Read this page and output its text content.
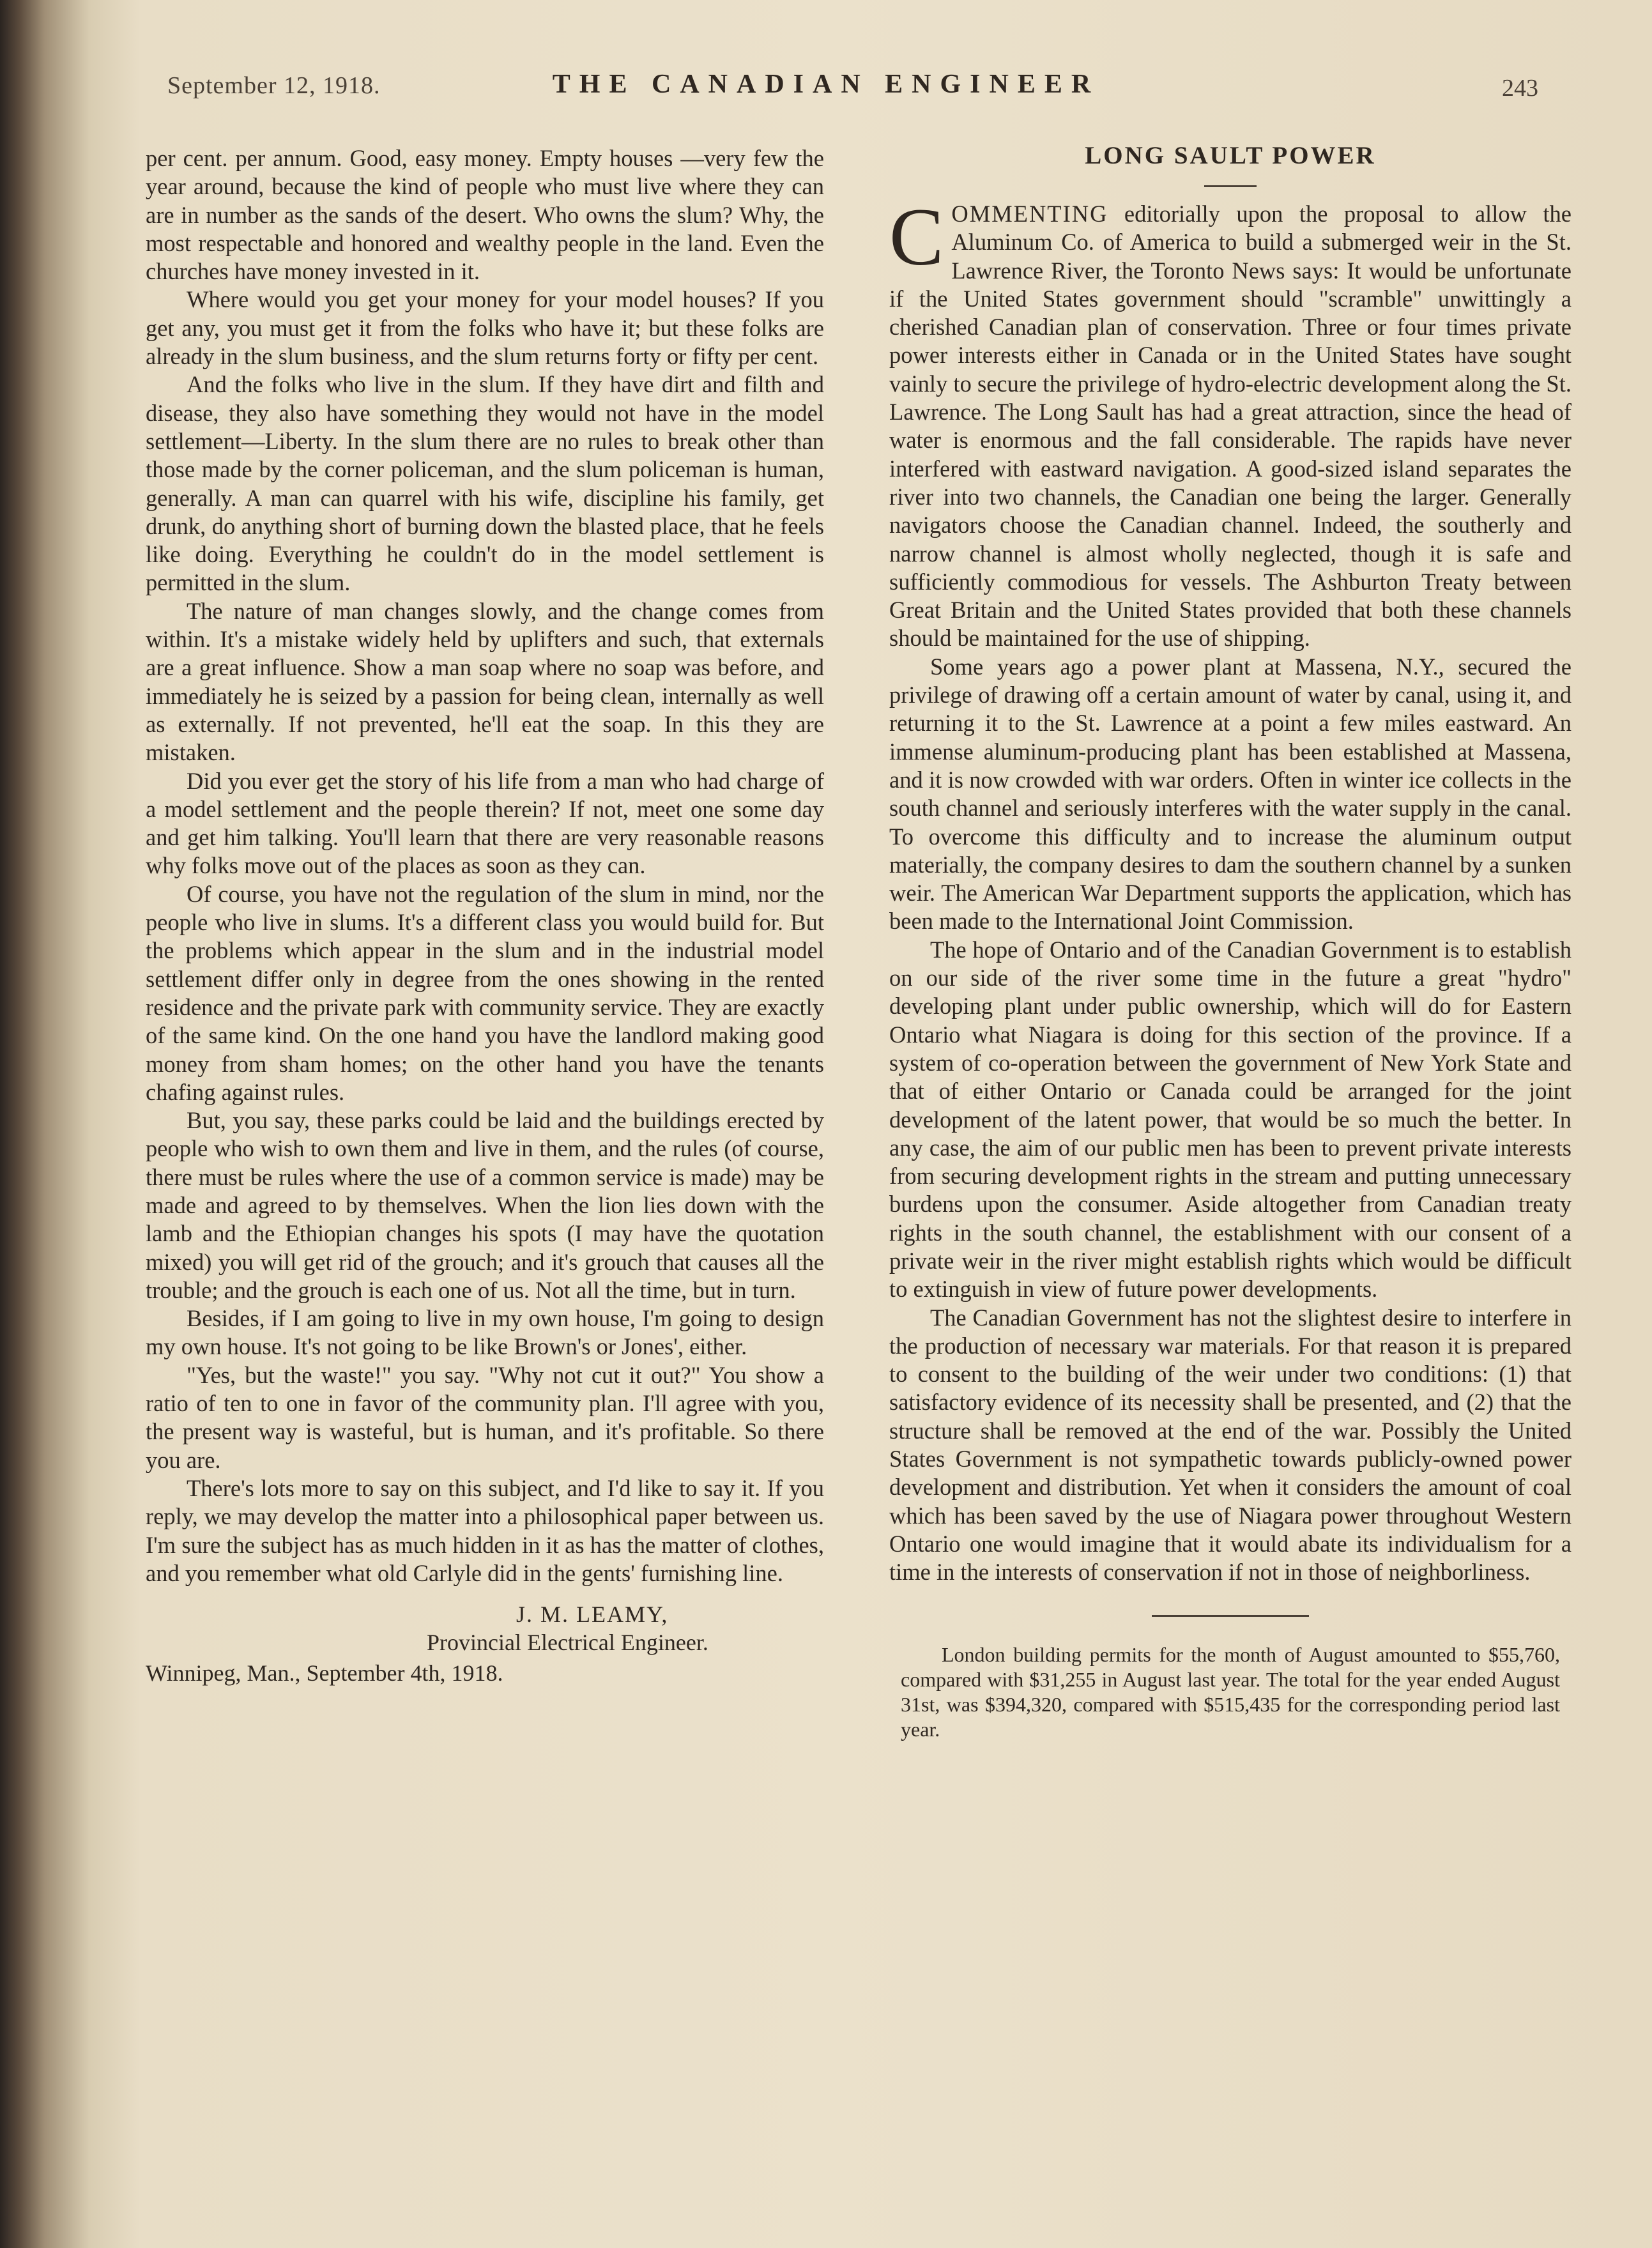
September 12, 1918.	THE CANADIAN ENGINEER	243

per cent. per annum. Good, easy money. Empty houses —very few the year around, because the kind of people who must live where they can are in number as the sands of the desert. Who owns the slum? Why, the most respectable and honored and wealthy people in the land. Even the churches have money invested in it.

Where would you get your money for your model houses? If you get any, you must get it from the folks who have it; but these folks are already in the slum business, and the slum returns forty or fifty per cent.

And the folks who live in the slum. If they have dirt and filth and disease, they also have something they would not have in the model settlement—Liberty. In the slum there are no rules to break other than those made by the corner policeman, and the slum policeman is human, generally. A man can quarrel with his wife, discipline his family, get drunk, do anything short of burning down the blasted place, that he feels like doing. Everything he couldn't do in the model settlement is permitted in the slum.

The nature of man changes slowly, and the change comes from within. It's a mistake widely held by uplifters and such, that externals are a great influence. Show a man soap where no soap was before, and immediately he is seized by a passion for being clean, internally as well as externally. If not prevented, he'll eat the soap. In this they are mistaken.

Did you ever get the story of his life from a man who had charge of a model settlement and the people therein? If not, meet one some day and get him talking. You'll learn that there are very reasonable reasons why folks move out of the places as soon as they can.

Of course, you have not the regulation of the slum in mind, nor the people who live in slums. It's a different class you would build for. But the problems which appear in the slum and in the industrial model settlement differ only in degree from the ones showing in the rented residence and the private park with community service. They are exactly of the same kind. On the one hand you have the landlord making good money from sham homes; on the other hand you have the tenants chafing against rules.

But, you say, these parks could be laid and the buildings erected by people who wish to own them and live in them, and the rules (of course, there must be rules where the use of a common service is made) may be made and agreed to by themselves. When the lion lies down with the lamb and the Ethiopian changes his spots (I may have the quotation mixed) you will get rid of the grouch; and it's grouch that causes all the trouble; and the grouch is each one of us. Not all the time, but in turn.

Besides, if I am going to live in my own house, I'm going to design my own house. It's not going to be like Brown's or Jones', either.

"Yes, but the waste!" you say. "Why not cut it out?" You show a ratio of ten to one in favor of the community plan. I'll agree with you, the present way is wasteful, but is human, and it's profitable. So there you are.

There's lots more to say on this subject, and I'd like to say it. If you reply, we may develop the matter into a philosophical paper between us. I'm sure the subject has as much hidden in it as has the matter of clothes, and you remember what old Carlyle did in the gents' furnishing line.

J. M. LEAMY,
Provincial Electrical Engineer.
Winnipeg, Man., September 4th, 1918.
LONG SAULT POWER

COMMENTING editorially upon the proposal to allow the Aluminum Co. of America to build a submerged weir in the St. Lawrence River, the Toronto News says: It would be unfortunate if the United States government should "scramble" unwittingly a cherished Canadian plan of conservation. Three or four times private power interests either in Canada or in the United States have sought vainly to secure the privilege of hydro-electric development along the St. Lawrence. The Long Sault has had a great attraction, since the head of water is enormous and the fall considerable. The rapids have never interfered with eastward navigation. A good-sized island separates the river into two channels, the Canadian one being the larger. Generally navigators choose the Canadian channel. Indeed, the southerly and narrow channel is almost wholly neglected, though it is safe and sufficiently commodious for vessels. The Ashburton Treaty between Great Britain and the United States provided that both these channels should be maintained for the use of shipping.

Some years ago a power plant at Massena, N.Y., secured the privilege of drawing off a certain amount of water by canal, using it, and returning it to the St. Lawrence at a point a few miles eastward. An immense aluminum-producing plant has been established at Massena, and it is now crowded with war orders. Often in winter ice collects in the south channel and seriously interferes with the water supply in the canal. To overcome this difficulty and to increase the aluminum output materially, the company desires to dam the southern channel by a sunken weir. The American War Department supports the application, which has been made to the International Joint Commission.

The hope of Ontario and of the Canadian Government is to establish on our side of the river some time in the future a great "hydro" developing plant under public ownership, which will do for Eastern Ontario what Niagara is doing for this section of the province. If a system of co-operation between the government of New York State and that of either Ontario or Canada could be arranged for the joint development of the latent power, that would be so much the better. In any case, the aim of our public men has been to prevent private interests from securing development rights in the stream and putting unnecessary burdens upon the consumer. Aside altogether from Canadian treaty rights in the south channel, the establishment with our consent of a private weir in the river might establish rights which would be difficult to extinguish in view of future power developments.

The Canadian Government has not the slightest desire to interfere in the production of necessary war materials. For that reason it is prepared to consent to the building of the weir under two conditions: (1) that satisfactory evidence of its necessity shall be presented, and (2) that the structure shall be removed at the end of the war. Possibly the United States Government is not sympathetic towards publicly-owned power development and distribution. Yet when it considers the amount of coal which has been saved by the use of Niagara power throughout Western Ontario one would imagine that it would abate its individualism for a time in the interests of conservation if not in those of neighborliness.

London building permits for the month of August amounted to $55,760, compared with $31,255 in August last year. The total for the year ended August 31st, was $394,320, compared with $515,435 for the corresponding period last year.
